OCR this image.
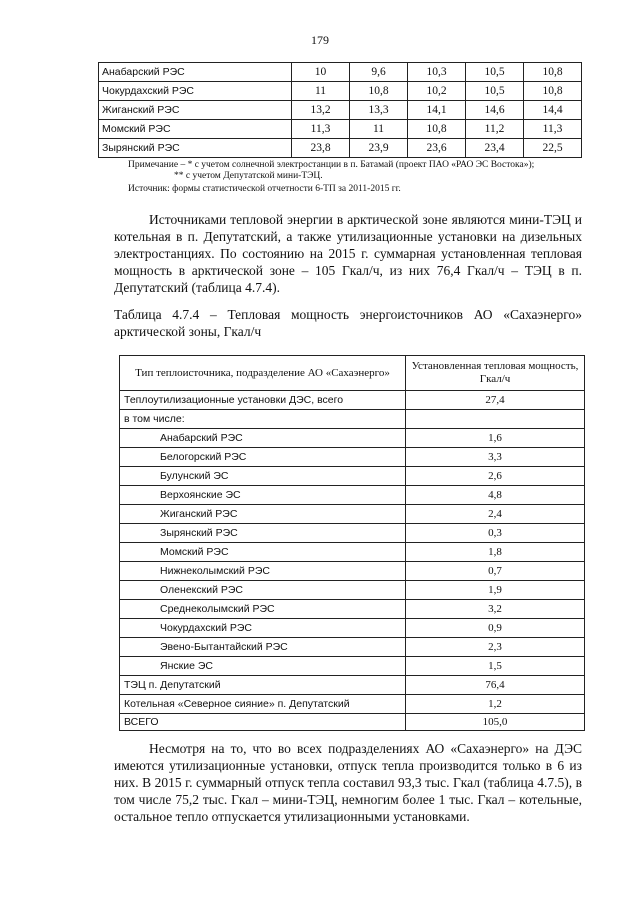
179
Анабарский РЭС	10	9,6	10,3	10,5	10,8
Чокурдахский РЭС	11	10,8	10,2	10,5	10,8
Жиганский РЭС	13,2	13,3	14,1	14,6	14,4
Момский РЭС	11,3	11	10,8	11,2	11,3
Зырянский РЭС	23,8	23,9	23,6	23,4	22,5
Примечание – * с учетом солнечной электростанции в п. Батамай (проект ПАО «РАО ЭС Востока»);
** с учетом Депутатской мини-ТЭЦ.
Источник: формы статистической отчетности 6-ТП за 2011-2015 гг.
Источниками тепловой энергии в арктической зоне являются мини-ТЭЦ и котельная в п. Депутатский, а также утилизационные установки на дизельных электростанциях. По состоянию на 2015 г. суммарная установленная тепловая мощность в арктической зоне – 105 Гкал/ч, из них 76,4 Гкал/ч – ТЭЦ в п. Депутатский (таблица 4.7.4).
Таблица 4.7.4 – Тепловая мощность энергоисточников АО «Сахаэнерго» арктической зоны, Гкал/ч
Тип теплоисточника, подразделение АО «Сахаэнерго»	Установленная тепловая мощность, Гкал/ч
Теплоутилизационные установки ДЭС, всего	27,4
в том числе:	
Анабарский РЭС	1,6
Белогорский РЭС	3,3
Булунский ЭС	2,6
Верхоянские ЭС	4,8
Жиганский РЭС	2,4
Зырянский РЭС	0,3
Момский РЭС	1,8
Нижнеколымский РЭС	0,7
Оленекский РЭС	1,9
Среднеколымский РЭС	3,2
Чокурдахский РЭС	0,9
Эвено-Бытантайский РЭС	2,3
Янские ЭС	1,5
ТЭЦ п. Депутатский	76,4
Котельная «Северное сияние» п. Депутатский	1,2
ВСЕГО	105,0
Несмотря на то, что во всех подразделениях АО «Сахаэнерго» на ДЭС имеются утилизационные установки, отпуск тепла производится только в 6 из них. В 2015 г. суммарный отпуск тепла составил 93,3 тыс. Гкал (таблица 4.7.5), в том числе 75,2 тыс. Гкал – мини-ТЭЦ, немногим более 1 тыс. Гкал – котельные, остальное тепло отпускается утилизационными установками.
